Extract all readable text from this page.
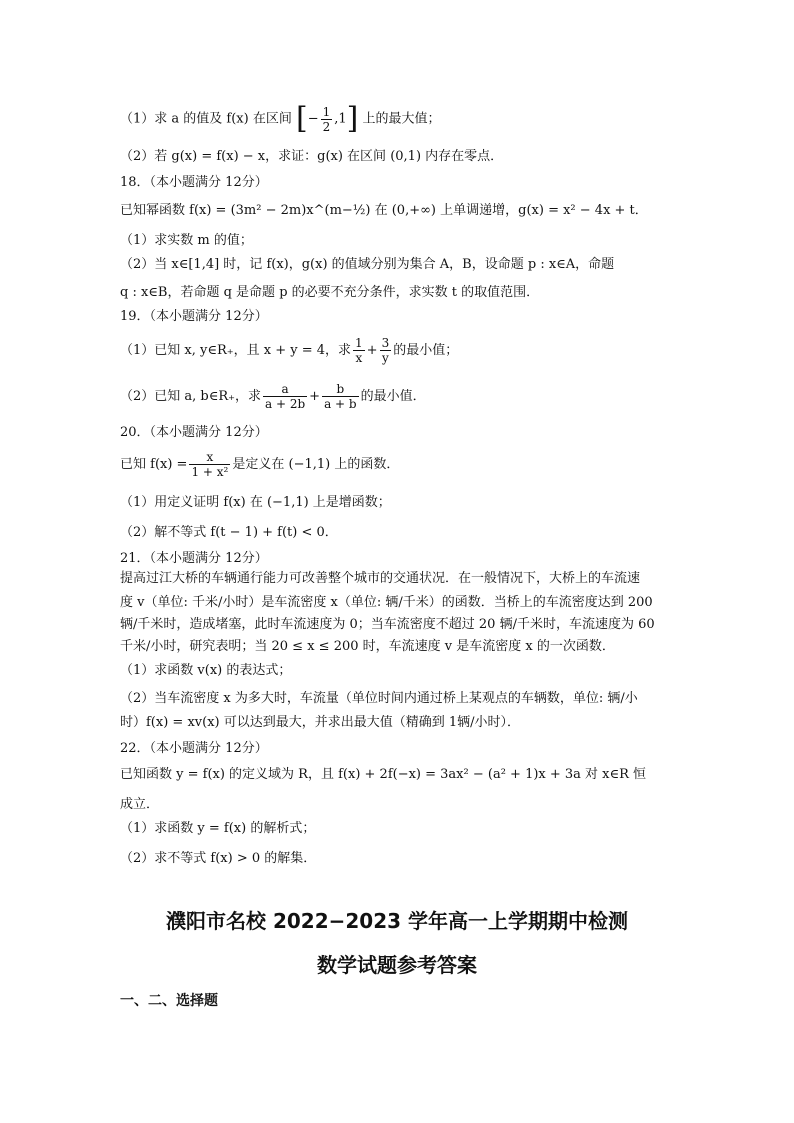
（1）求 a 的值及 f(x) 在区间 [− $\frac{1}{2} ,1$] 上的最大值；
（2）若 g(x) = f(x) − x，求证：g(x) 在区间 (0,1) 内存在零点．
18．（本小题满分 12分）
已知幂函数 f(x) = (3m² − 2m)x^(m−½) 在 (0,+∞) 上单调递增，g(x) = x² − 4x + t．
（1）求实数 m 的值；
（2）当 x∈[1,4] 时，记 f(x)，g(x) 的值域分别为集合 A，B，设命题 p : x∈A，命题
q : x∈B，若命题 q 是命题 p 的必要不充分条件，求实数 t 的取值范围．
19．（本小题满分 12分）
（1）已知 x, y∈R₊，且 x + y = 4，求 $\frac{1}{x} + \frac{3}{y}$ 的最小值；
（2）已知 a, b∈R₊，求 $\frac{a}{a + 2b} + \frac{b}{a + b}$ 的最小值．
20．（本小题满分 12分）
已知 $f(x) = \frac{x}{\text{1 + x²}}$ 是定义在 (−1,1) 上的函数．
（1）用定义证明 f(x) 在 (−1,1) 上是增函数；
（2）解不等式 f(t − 1) + f(t) < 0．
21．（本小题满分 12分）
提高过江大桥的车辆通行能力可改善整个城市的交通状况．在一般情况下，大桥上的车流速
度 v（单位: 千米/小时）是车流密度 x（单位: 辆/千米）的函数．当桥上的车流密度达到 200
辆/千米时，造成堵塞，此时车流速度为 0；当车流密度不超过 20 辆/千米时，车流速度为 60
千米/小时，研究表明；当 20 ≤ x ≤ 200 时，车流速度 v 是车流密度 x 的一次函数．
（1）求函数 v(x) 的表达式；
（2）当车流密度 x 为多大时，车流量（单位时间内通过桥上某观点的车辆数，单位: 辆/小
时）f(x) = xv(x) 可以达到最大，并求出最大值（精确到 1辆/小时）．
22．（本小题满分 12分）
已知函数 y = f(x) 的定义域为 R，且 f(x) + 2f(−x) = 3ax² − (a² + 1)x + 3a 对 x∈R 恒
成立．
（1）求函数 y = f(x) 的解析式；
（2）求不等式 f(x) > 0 的解集．
濮阳市名校 2022−2023 学年高一上学期期中检测
数学试题参考答案
一、二、选择题
